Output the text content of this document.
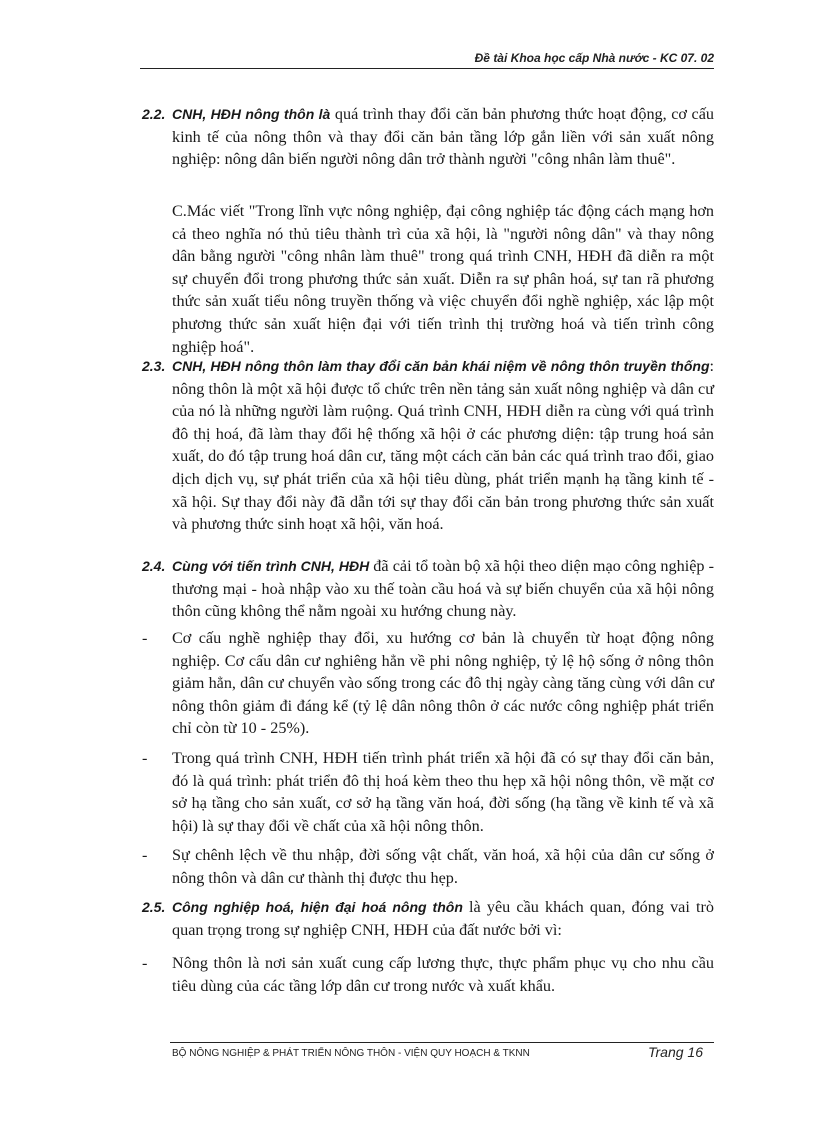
Đề tài Khoa học cấp Nhà nước - KC 07. 02
2.2. CNH, HĐH nông thôn là quá trình thay đổi căn bản phương thức hoạt động, cơ cấu kinh tế của nông thôn và thay đổi căn bản tầng lớp gắn liền với sản xuất nông nghiệp: nông dân biến người nông dân trở thành người "công nhân làm thuê".
C.Mác viết "Trong lĩnh vực nông nghiệp, đại công nghiệp tác động cách mạng hơn cả theo nghĩa nó thủ tiêu thành trì của xã hội, là "người nông dân" và thay nông dân bằng người "công nhân làm thuê" trong quá trình CNH, HĐH đã diễn ra một sự chuyển đổi trong phương thức sản xuất. Diễn ra sự phân hoá, sự tan rã phương thức sản xuất tiểu nông truyền thống và việc chuyển đổi nghề nghiệp, xác lập một phương thức sản xuất hiện đại với tiến trình thị trường hoá và tiến trình công nghiệp hoá".
2.3. CNH, HĐH nông thôn làm thay đổi căn bản khái niệm về nông thôn truyền thống: nông thôn là một xã hội được tổ chức trên nền tảng sản xuất nông nghiệp và dân cư của nó là những người làm ruộng. Quá trình CNH, HĐH diễn ra cùng với quá trình đô thị hoá, đã làm thay đổi hệ thống xã hội ở các phương diện: tập trung hoá sản xuất, do đó tập trung hoá dân cư, tăng một cách căn bản các quá trình trao đổi, giao dịch dịch vụ, sự phát triển của xã hội tiêu dùng, phát triển mạnh hạ tầng kinh tế - xã hội. Sự thay đổi này đã dẫn tới sự thay đổi căn bản trong phương thức sản xuất và phương thức sinh hoạt xã hội, văn hoá.
2.4. Cùng với tiến trình CNH, HĐH đã cải tổ toàn bộ xã hội theo diện mạo công nghiệp - thương mại - hoà nhập vào xu thế toàn cầu hoá và sự biến chuyển của xã hội nông thôn cũng không thể nằm ngoài xu hướng chung này.
- Cơ cấu nghề nghiệp thay đổi, xu hướng cơ bản là chuyển từ hoạt động nông nghiệp. Cơ cấu dân cư nghiêng hẳn về phi nông nghiệp, tỷ lệ hộ sống ở nông thôn giảm hẳn, dân cư chuyển vào sống trong các đô thị ngày càng tăng cùng với dân cư nông thôn giảm đi đáng kể (tỷ lệ dân nông thôn ở các nước công nghiệp phát triển chỉ còn từ 10 - 25%).
- Trong quá trình CNH, HĐH tiến trình phát triển xã hội đã có sự thay đổi căn bản, đó là quá trình: phát triển đô thị hoá kèm theo thu hẹp xã hội nông thôn, về mặt cơ sở hạ tầng cho sản xuất, cơ sở hạ tầng văn hoá, đời sống (hạ tầng về kinh tế và xã hội) là sự thay đổi về chất của xã hội nông thôn.
- Sự chênh lệch về thu nhập, đời sống vật chất, văn hoá, xã hội của dân cư sống ở nông thôn và dân cư thành thị được thu hẹp.
2.5. Công nghiệp hoá, hiện đại hoá nông thôn là yêu cầu khách quan, đóng vai trò quan trọng trong sự nghiệp CNH, HĐH của đất nước bởi vì:
- Nông thôn là nơi sản xuất cung cấp lương thực, thực phẩm phục vụ cho nhu cầu tiêu dùng của các tầng lớp dân cư trong nước và xuất khẩu.
BỘ NÔNG NGHIỆP & PHÁT TRIỂN NÔNG THÔN - VIỆN QUY HOẠCH & TKNN	Trang 16
